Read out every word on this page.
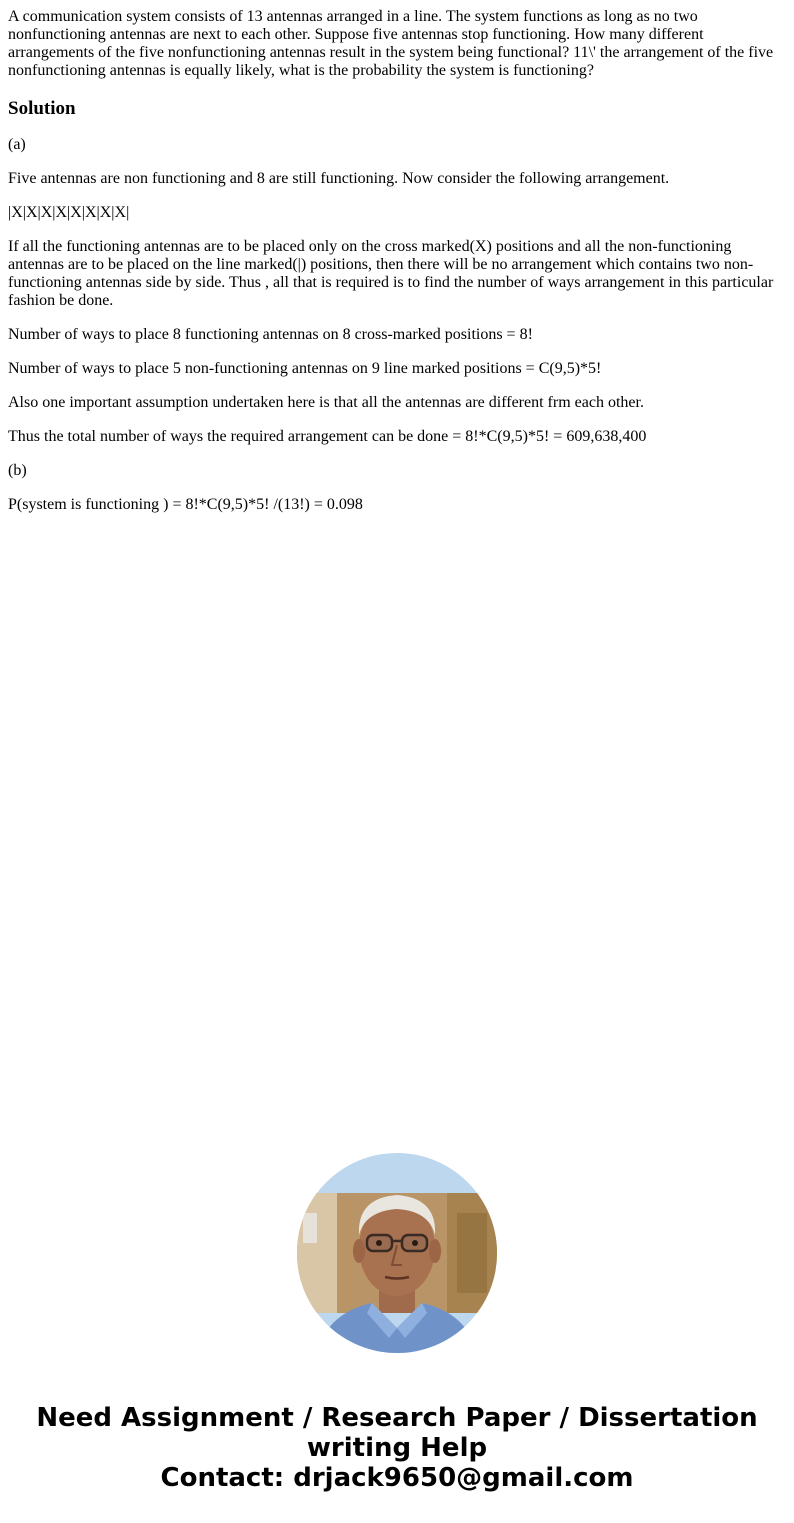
A communication system consists of 13 antennas arranged in a line. The system functions as long as no two nonfunctioning antennas are next to each other. Suppose five antennas stop functioning. How many different arrangements of the five nonfunctioning antennas result in the system being functional? 11\' the arrangement of the five nonfunctioning antennas is equally likely, what is the probability the system is functioning?

Solution

(a)

Five antennas are non functioning and 8 are still functioning. Now consider the following arrangement.

|X|X|X|X|X|X|X|X|

If all the functioning antennas are to be placed only on the cross marked(X) positions and all the non-functioning antennas are to be placed on the line marked(|) positions, then there will be no arrangement which contains two non-functioning antennas side by side. Thus , all that is required is to find the number of ways arrangement in this particular fashion be done.

Number of ways to place 8 functioning antennas on 8 cross-marked positions = 8!

Number of ways to place 5 non-functioning antennas on 9 line marked positions = C(9,5)*5!

Also one important assumption undertaken here is that all the antennas are different frm each other.

Thus the total number of ways the required arrangement can be done = 8!*C(9,5)*5! = 609,638,400

(b)

P(system is functioning ) = 8!*C(9,5)*5! /(13!) = 0.098

Need Assignment / Research Paper / Dissertation
writing Help
Contact: drjack9650@gmail.com
